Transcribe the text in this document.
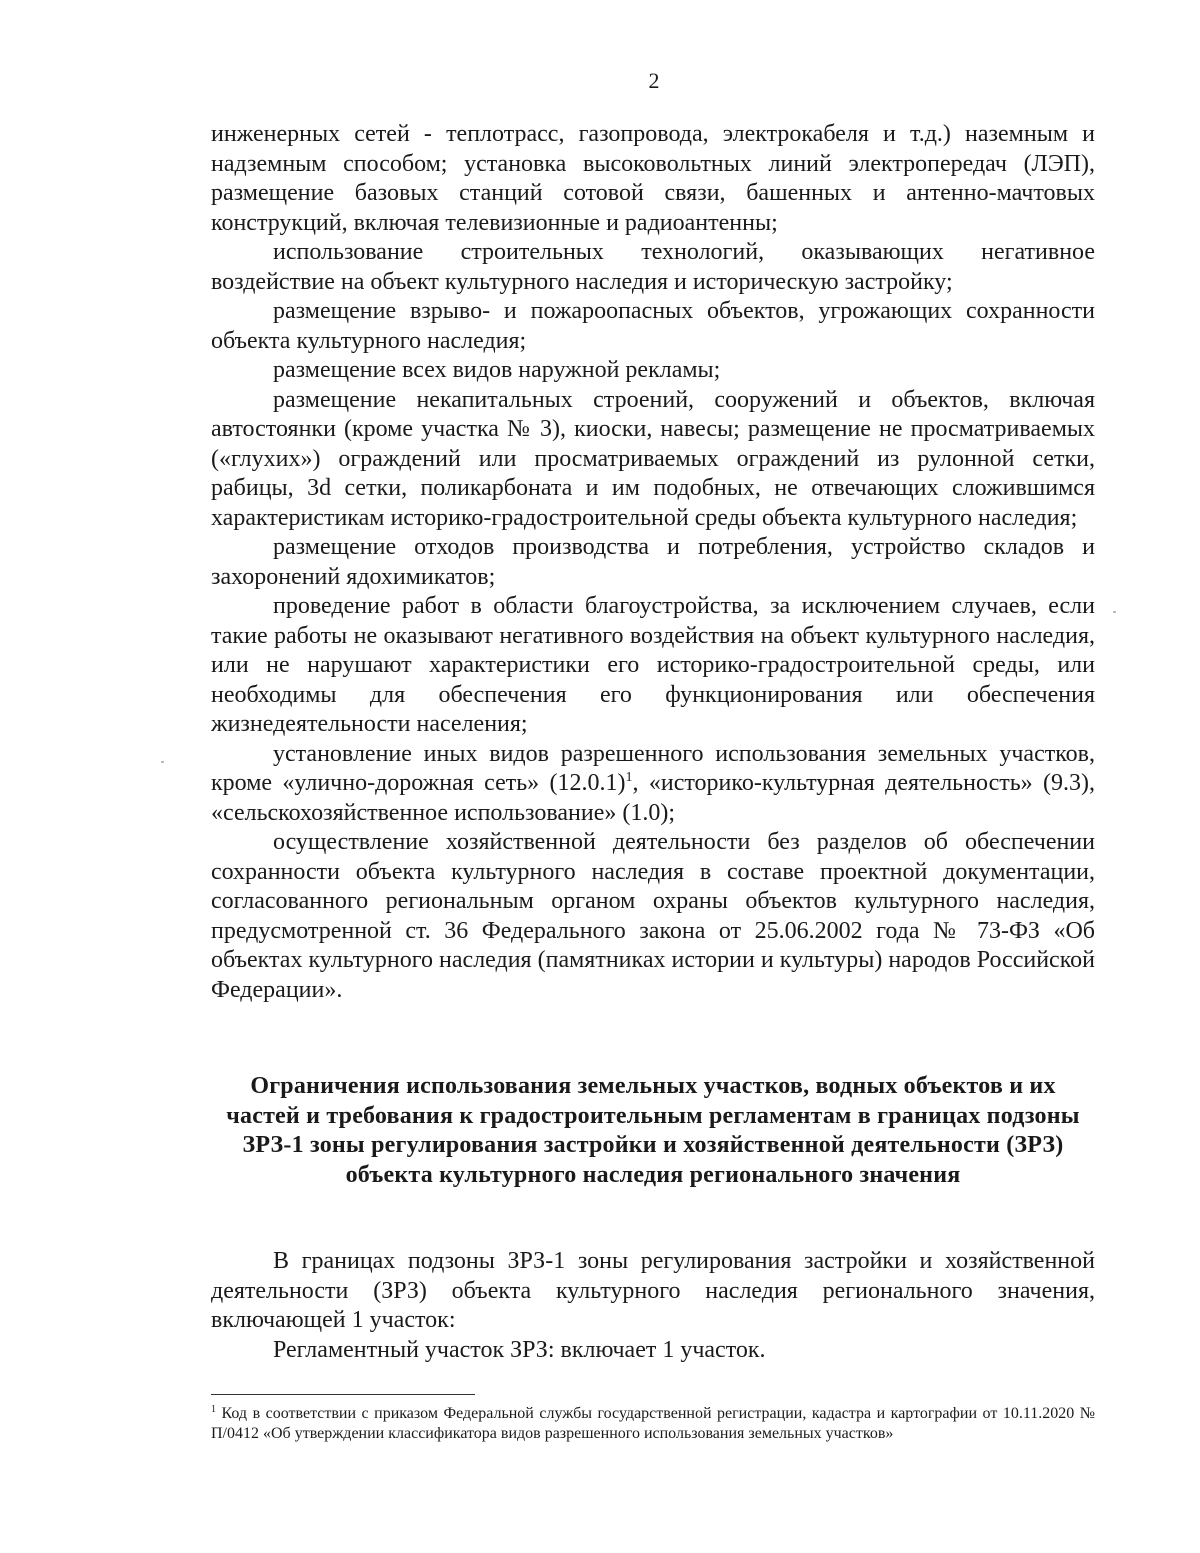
2

инженерных сетей - теплотрасс, газопровода, электрокабеля и т.д.) наземным и надземным способом; установка высоковольтных линий электропередач (ЛЭП), размещение базовых станций сотовой связи, башенных и антенно-мачтовых конструкций, включая телевизионные и радиоантенны;

использование строительных технологий, оказывающих негативное воздействие на объект культурного наследия и историческую застройку;

размещение взрыво- и пожароопасных объектов, угрожающих сохранности объекта культурного наследия;

размещение всех видов наружной рекламы;

размещение некапитальных строений, сооружений и объектов, включая автостоянки (кроме участка № 3), киоски, навесы; размещение не просматриваемых («глухих») ограждений или просматриваемых ограждений из рулонной сетки, рабицы, 3d сетки, поликарбоната и им подобных, не отвечающих сложившимся характеристикам историко-градостроительной среды объекта культурного наследия;

размещение отходов производства и потребления, устройство складов и захоронений ядохимикатов;

проведение работ в области благоустройства, за исключением случаев, если такие работы не оказывают негативного воздействия на объект культурного наследия, или не нарушают характеристики его историко-градостроительной среды, или необходимы для обеспечения его функционирования или обеспечения жизнедеятельности населения;

установление иных видов разрешенного использования земельных участков, кроме «улично-дорожная сеть» $(12.0.1)^1$, «историко-культурная деятельность» (9.3), «сельскохозяйственное использование» (1.0);

осуществление хозяйственной деятельности без разделов об обеспечении сохранности объекта культурного наследия в составе проектной документации, согласованного региональным органом охраны объектов культурного наследия, предусмотренной ст. 36 Федерального закона от 25.06.2002 года № 73-ФЗ «Об объектах культурного наследия (памятниках истории и культуры) народов Российской Федерации».

Ограничения использования земельных участков, водных объектов и их частей и требования к градостроительным регламентам в границах подзоны ЗРЗ-1 зоны регулирования застройки и хозяйственной деятельности (ЗРЗ) объекта культурного наследия регионального значения

В границах подзоны ЗРЗ-1 зоны регулирования застройки и хозяйственной деятельности (ЗРЗ) объекта культурного наследия регионального значения, включающей 1 участок:

Регламентный участок ЗРЗ: включает 1 участок.

$^1$ Код в соответствии с приказом Федеральной службы государственной регистрации, кадастра и картографии от 10.11.2020 № П/0412 «Об утверждении классификатора видов разрешенного использования земельных участков»
